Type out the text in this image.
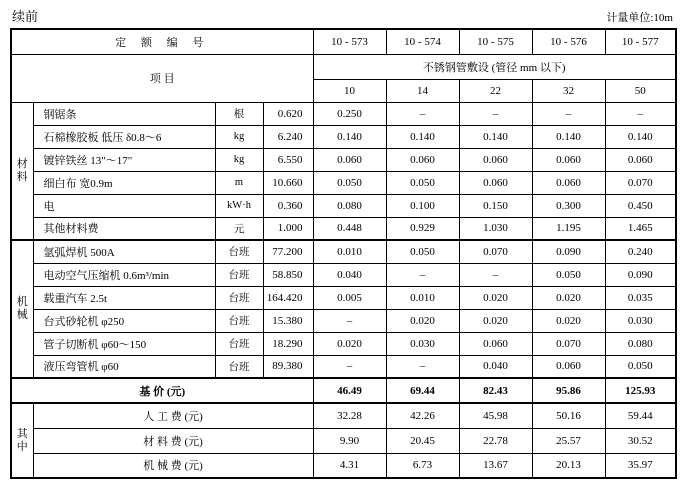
续前	计量单位:10m
定 额 编 号				10 - 573	10 - 574	10 - 575	10 - 576	10 - 577
项 目				不锈钢管敷设 (管径 mm 以下)				
				10	14	22	32	50

材料	钢锯条	根	0.620	0.250	–	–	–	–
	石棉橡胶板 低压 δ0.8～6	kg	6.240	0.140	0.140	0.140	0.140	0.140
	镀锌铁丝 13"～17"	kg	6.550	0.060	0.060	0.060	0.060	0.060
	细白布 宽0.9m	m	10.660	0.050	0.050	0.060	0.060	0.070
	电	kW·h	0.360	0.080	0.100	0.150	0.300	0.450
	其他材料费	元	1.000	0.448	0.929	1.030	1.195	1.465

机械	氩弧焊机 500A	台班	77.200	0.010	0.050	0.070	0.090	0.240
	电动空气压缩机 0.6m³/min	台班	58.850	0.040	–	–	0.050	0.090
	载重汽车 2.5t	台班	164.420	0.005	0.010	0.020	0.020	0.035
	台式砂轮机 φ250	台班	15.380	–	0.020	0.020	0.020	0.030
	管子切断机 φ60～150	台班	18.290	0.020	0.030	0.060	0.070	0.080
	液压弯管机 φ60	台班	89.380	–	–	0.040	0.060	0.050
基 价 (元)				46.49	69.44	82.43	95.86	125.93

其中	人 工 费 (元)			32.28	42.26	45.98	50.16	59.44
	材 料 费 (元)			9.90	20.45	22.78	25.57	30.52
	机 械 费 (元)			4.31	6.73	13.67	20.13	35.97
